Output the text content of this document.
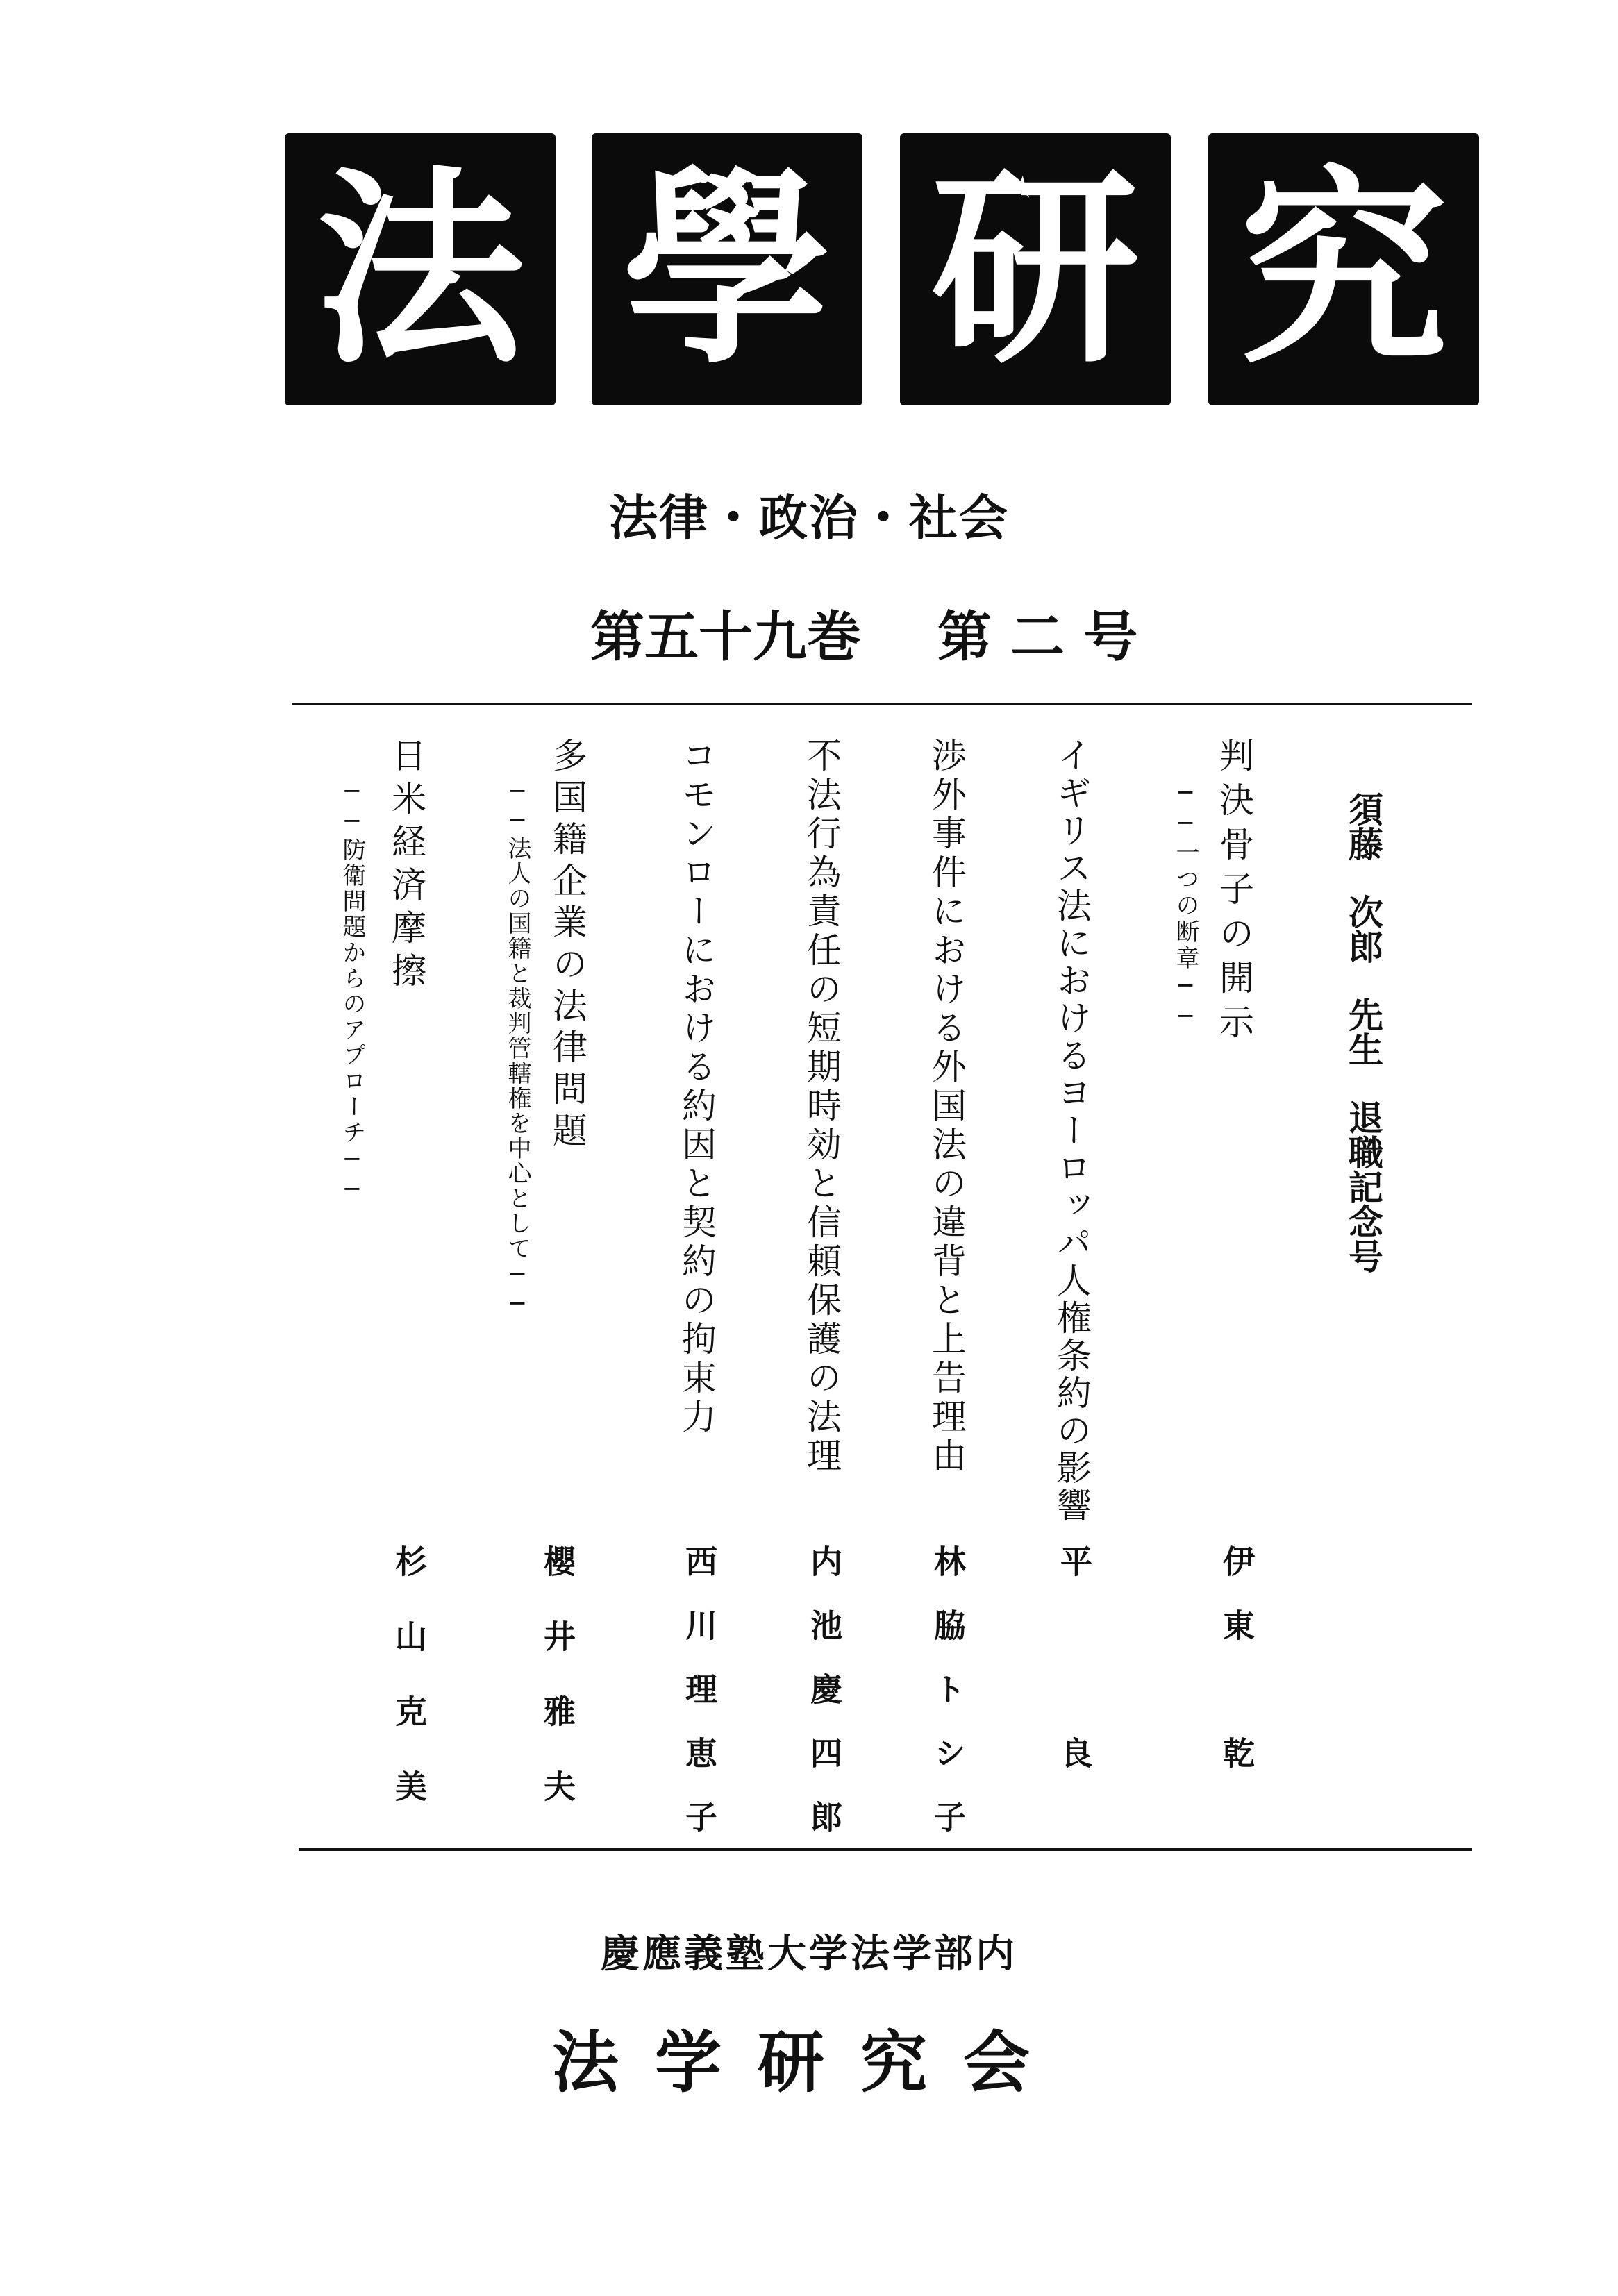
法 學 研 究
法律・政治・社会
第五十九巻 第 二 号
須藤次郎先生退職記念号
判決骨子の開示
──一つの断章──
伊　東　　　乾
イギリス法におけるヨーロッパ人権条約の影響
平　　　　　良
渉外事件における外国法の違背と上告理由
林　脇　ト　シ　子
不法行為責任の短期時効と信頼保護の法理
内　池　慶　四　郎
コモンローにおける約因と契約の拘束力
西　川　理　恵　子
多国籍企業の法律問題
──法人の国籍と裁判管轄権を中心として──
櫻　井　雅　夫
日米経済摩擦
──防衛問題からのアプローチ──
杉　山　克　美
慶應義塾大学法学部内
法学研究会
